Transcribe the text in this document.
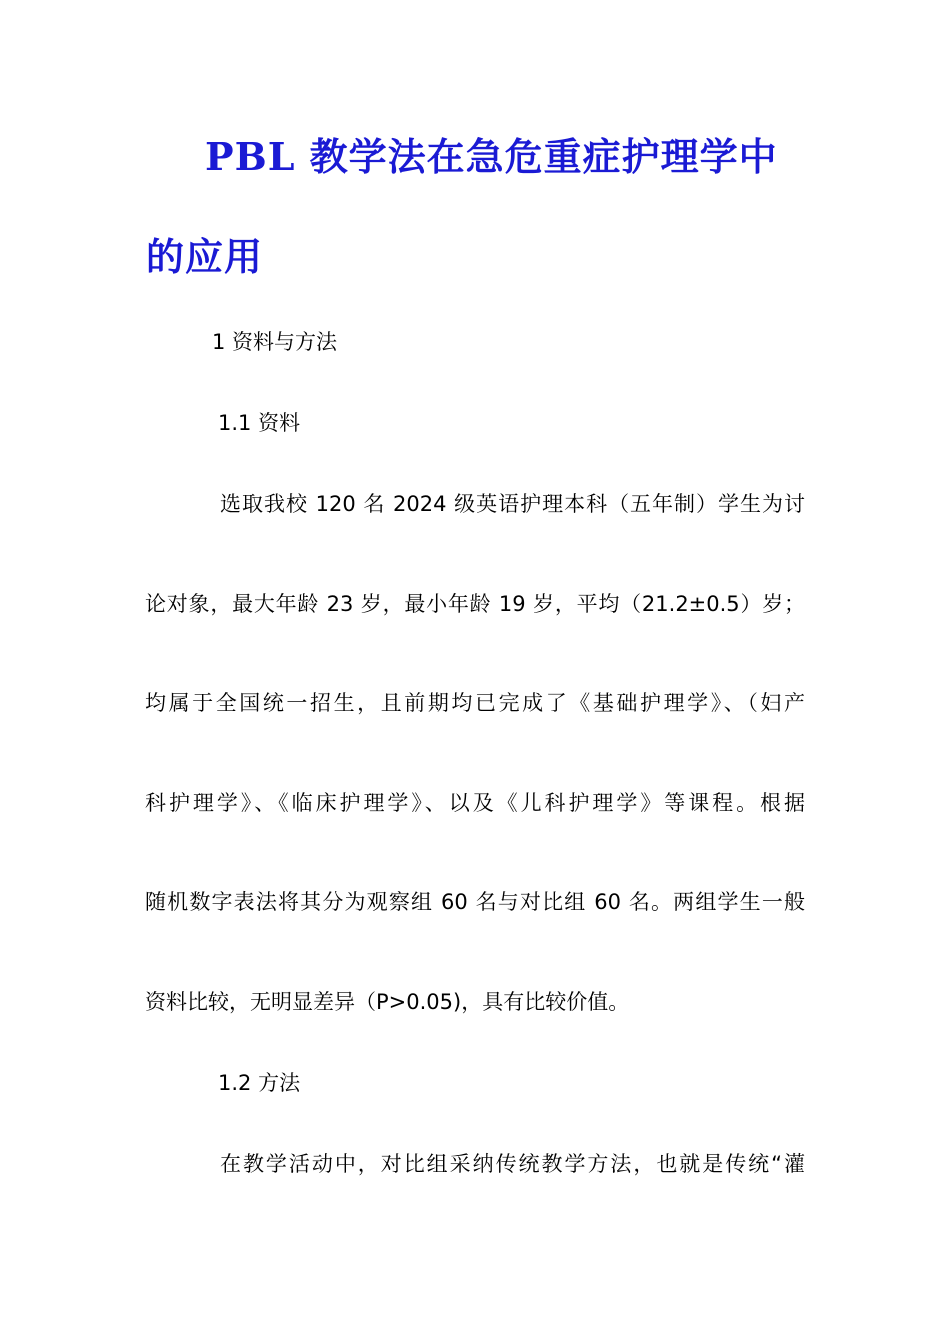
PBL 教学法在急危重症护理学中
的应用
1 资料与方法
1.1 资料
选取我校 120 名 2024 级英语护理本科（五年制）学生为讨
论对象，最大年龄 23 岁，最小年龄 19 岁，平均（21.2±0.5）岁；
均属于全国统一招生，且前期均已完成了《基础护理学》、（妇产
科护理学》、《临床护理学》、以及《儿科护理学》等课程。根据
随机数字表法将其分为观察组 60 名与对比组 60 名。两组学生一般
资料比较，无明显差异（P>0.05)，具有比较价值。
1.2 方法
在教学活动中，对比组采纳传统教学方法，也就是传统“灌
